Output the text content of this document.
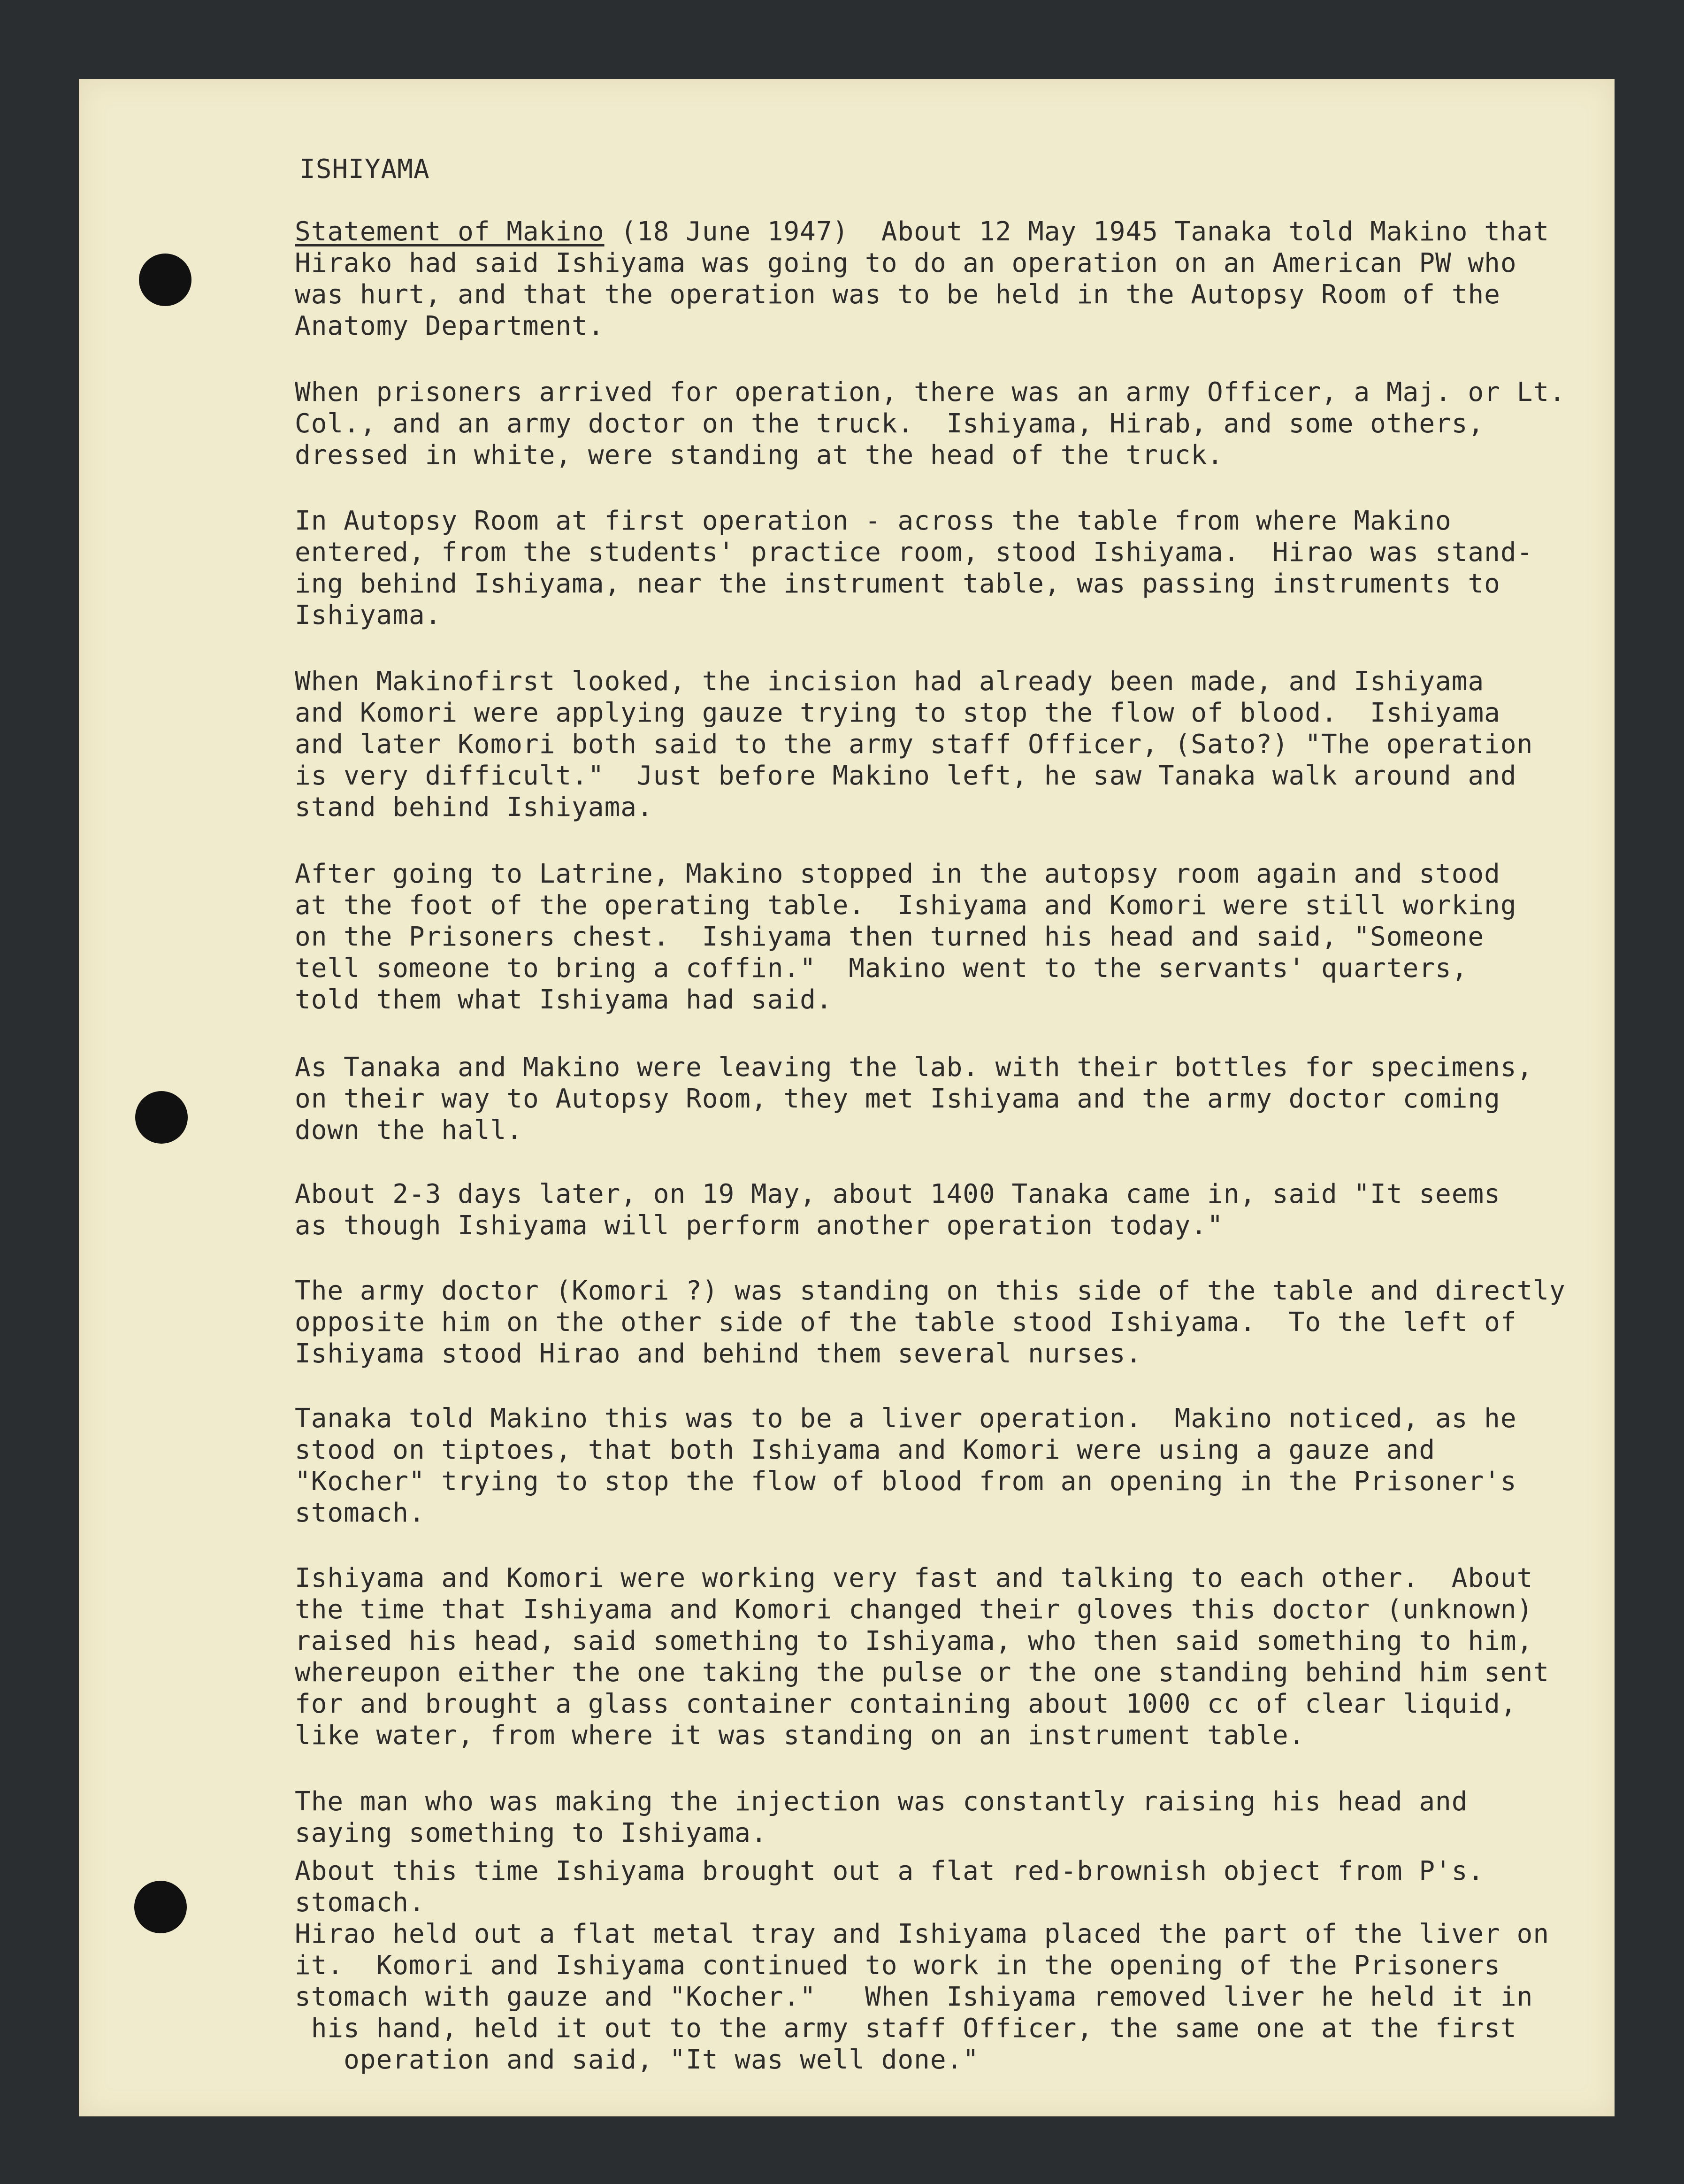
ISHIYAMA

Statement of Makino (18 June 1947)  About 12 May 1945 Tanaka told Makino that
Hirako had said Ishiyama was going to do an operation on an American PW who
was hurt, and that the operation was to be held in the Autopsy Room of the
Anatomy Department.

When prisoners arrived for operation, there was an army Officer, a Maj. or Lt.
Col., and an army doctor on the truck.  Ishiyama, Hirab, and some others,
dressed in white, were standing at the head of the truck.

In Autopsy Room at first operation - across the table from where Makino
entered, from the students' practice room, stood Ishiyama.  Hirao was stand-
ing behind Ishiyama, near the instrument table, was passing instruments to
Ishiyama.

When Makinofirst looked, the incision had already been made, and Ishiyama
and Komori were applying gauze trying to stop the flow of blood.  Ishiyama
and later Komori both said to the army staff Officer, (Sato?) "The operation
is very difficult."  Just before Makino left, he saw Tanaka walk around and
stand behind Ishiyama.

After going to Latrine, Makino stopped in the autopsy room again and stood
at the foot of the operating table.  Ishiyama and Komori were still working
on the Prisoners chest.  Ishiyama then turned his head and said, "Someone
tell someone to bring a coffin."  Makino went to the servants' quarters,
told them what Ishiyama had said.

As Tanaka and Makino were leaving the lab. with their bottles for specimens,
on their way to Autopsy Room, they met Ishiyama and the army doctor coming
down the hall.

About 2-3 days later, on 19 May, about 1400 Tanaka came in, said "It seems
as though Ishiyama will perform another operation today."

The army doctor (Komori ?) was standing on this side of the table and directly
opposite him on the other side of the table stood Ishiyama.  To the left of
Ishiyama stood Hirao and behind them several nurses.

Tanaka told Makino this was to be a liver operation.  Makino noticed, as he
stood on tiptoes, that both Ishiyama and Komori were using a gauze and
"Kocher" trying to stop the flow of blood from an opening in the Prisoner's
stomach.

Ishiyama and Komori were working very fast and talking to each other.  About
the time that Ishiyama and Komori changed their gloves this doctor (unknown)
raised his head, said something to Ishiyama, who then said something to him,
whereupon either the one taking the pulse or the one standing behind him sent
for and brought a glass container containing about 1000 cc of clear liquid,
like water, from where it was standing on an instrument table.

The man who was making the injection was constantly raising his head and
saying something to Ishiyama.

About this time Ishiyama brought out a flat red-brownish object from P's. stomach.
Hirao held out a flat metal tray and Ishiyama placed the part of the liver on
it.  Komori and Ishiyama continued to work in the opening of the Prisoners
stomach with gauze and "Kocher."   When Ishiyama removed liver he held it in
his hand, held it out to the army staff Officer, the same one at the first
operation and said, "It was well done."
